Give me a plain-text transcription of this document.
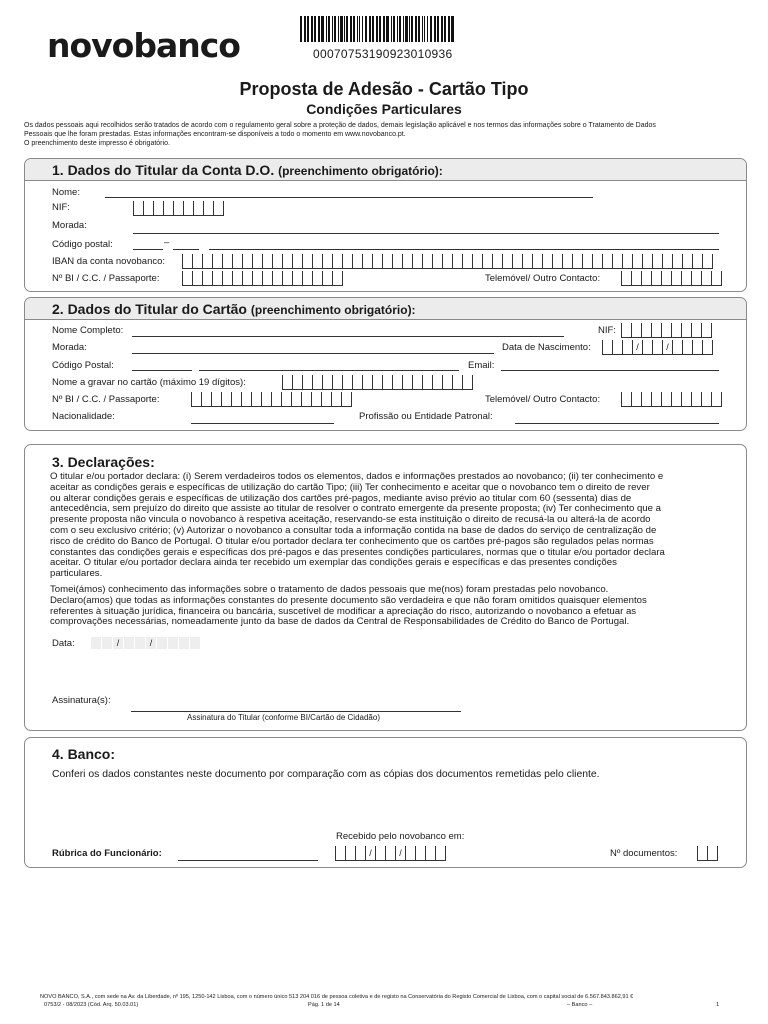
novobanco	00070753190923010936
Proposta de Adesão - Cartão Tipo
Condições Particulares
Os dados pessoais aqui recolhidos serão tratados de acordo com o regulamento geral sobre a proteção de dados, demais legislação aplicável e nos termos das informações sobre o Tratamento de Dados
Pessoais que lhe foram prestadas. Estas informações encontram-se disponíveis a todo o momento em www.novobanco.pt.
O preenchimento deste impresso é obrigatório.
1. Dados do Titular da Conta D.O. (preenchimento obrigatório):
Nome:
NIF:
Morada:
Código postal:	–
IBAN da conta novobanco:
Nº BI / C.C. / Passaporte:	Telemóvel/ Outro Contacto:
2. Dados do Titular do Cartão (preenchimento obrigatório):
Nome Completo:	NIF:
Morada:	Data de Nascimento:	/	/
Código Postal:	Email:
Nome a gravar no cartão (máximo 19 dígitos):
Nº BI / C.C. / Passaporte:	Telemóvel/ Outro Contacto:
Nacionalidade:	Profissão ou Entidade Patronal:
3. Declarações:
O titular e/ou portador declara: (i) Serem verdadeiros todos os elementos, dados e informações prestados ao novobanco; (ii) ter conhecimento e
aceitar as condições gerais e específicas de utilização do cartão Tipo; (iii) Ter conhecimento e aceitar que o novobanco tem o direito de rever
ou alterar condições gerais e específicas de utilização dos cartões pré-pagos, mediante aviso prévio ao titular com 60 (sessenta) dias de
antecedência, sem prejuízo do direito que assiste ao titular de resolver o contrato emergente da presente proposta; (iv) Ter conhecimento que a
presente proposta não vincula o novobanco à respetiva aceitação, reservando-se esta instituição o direito de recusá-la ou alterá-la de acordo
com o seu exclusivo critério; (v) Autorizar o novobanco a consultar toda a informação contida na base de dados do serviço de centralização de
risco de crédito do Banco de Portugal. O titular e/ou portador declara ter conhecimento que os cartões pré-pagos são regulados pelas normas
constantes das condições gerais e específicas dos pré-pagos e das presentes condições particulares, normas que o titular e/ou portador declara
aceitar. O titular e/ou portador declara ainda ter recebido um exemplar das condições gerais e específicas e das presentes condições
particulares.
Tomei(ámos) conhecimento das informações sobre o tratamento de dados pessoais que me(nos) foram prestadas pelo novobanco.
Declaro(amos) que todas as informações constantes do presente documento são verdadeira e que não foram omitidos quaisquer elementos
referentes à situação jurídica, financeira ou bancária, suscetível de modificar a apreciação do risco, autorizando o novobanco a efetuar as
comprovações necessárias, nomeadamente junto da base de dados da Central de Responsabilidades de Crédito do Banco de Portugal.
Data:	/	/
Assinatura(s):
Assinatura do Titular (conforme BI/Cartão de Cidadão)
4. Banco:
Conferi os dados constantes neste documento por comparação com as cópias dos documentos remetidas pelo cliente.
Recebido pelo novobanco em:
Rúbrica do Funcionário:	/	/	Nº documentos:
NOVO BANCO, S.A., com sede na Av. da Liberdade, nº 195, 1250-142 Lisboa, com o número único 513 204 016 de pessoa coletiva e de registo na Conservatória do Registo Comercial de Lisboa, com o capital social de 6.567.843.862,91 €
0753/2 - 08/2023 (Cód. Arq. 50.03.01)	Pág. 1 de 14	– Banco –	1
